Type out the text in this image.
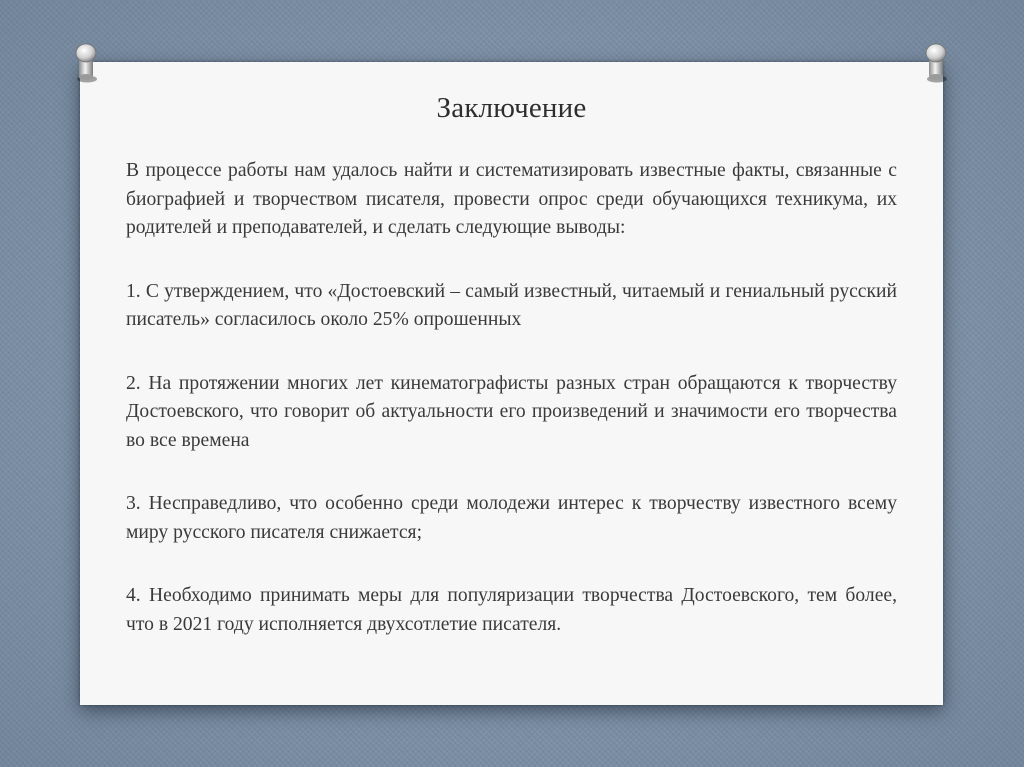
Заключение

В процессе работы нам удалось найти и систематизировать известные факты, связанные с биографией и творчеством писателя, провести опрос среди обучающихся техникума, их родителей и преподавателей, и сделать следующие выводы:

1. С утверждением, что «Достоевский – самый известный, читаемый и гениальный русский писатель» согласилось около 25% опрошенных

2. На протяжении многих лет кинематографисты разных стран обращаются к творчеству Достоевского, что говорит об актуальности его произведений и значимости его творчества во все времена

3. Несправедливо, что особенно среди молодежи интерес к творчеству известного всему миру русского писателя снижается;

4. Необходимо принимать меры для популяризации творчества Достоевского, тем более, что в 2021 году исполняется двухсотлетие писателя.
